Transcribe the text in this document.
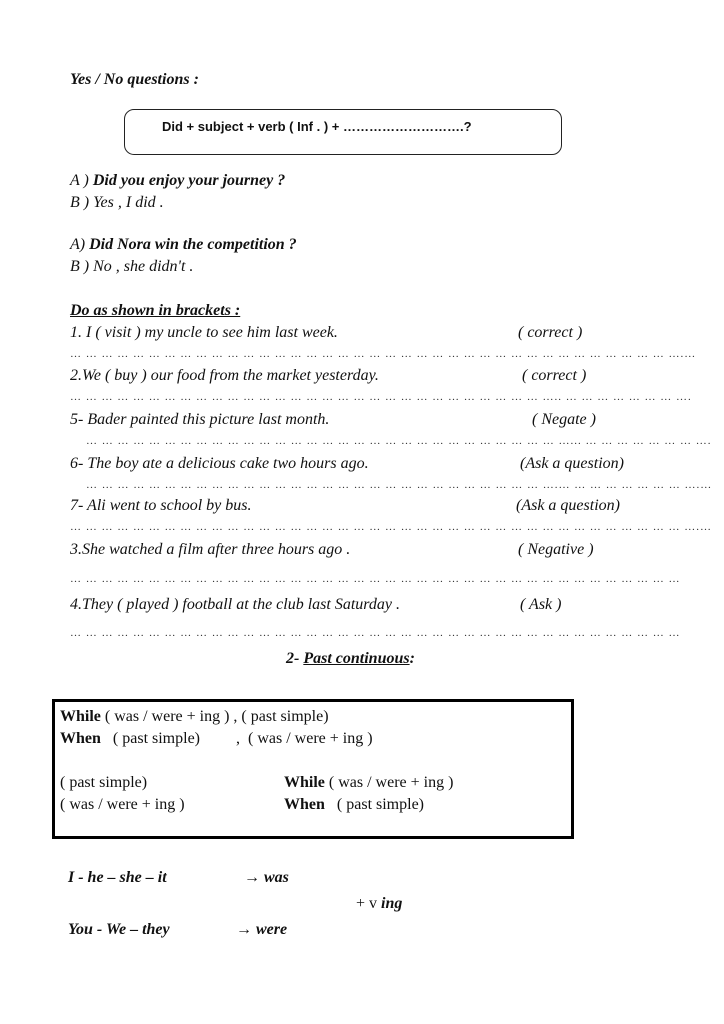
Yes / No questions :
Did + subject + verb ( Inf . ) + ……………………….?
A ) Did you enjoy your journey ?
B ) Yes , I did .
A) Did Nora win the competition ?
B ) No , she didn't .
Do as shown in brackets :
1. I ( visit ) my uncle to see him last week.	( correct )
… … … … … … … … … … … … … … … … … … … … … … … … … … … … … … … … … … … … … … ….…
2.We ( buy ) our food from the market yesterday.	( correct )
… … … … … … … … … … … … … … … … … … … … … … … … … … … … … … ….. … … … … … … … ….
5- Bader painted this picture last month.	( Negate )
… … … … … … … … … … … … … … … … … … … … … … … … … … … … … … …... … … … … … … … ….
6- The boy ate a delicious cake two hours ago.	(Ask a question)
… … … … … … … … … … … … … … … … … … … … … … … … … … … … … ….… … … … … … … … ….…
7- Ali went to school by bus.	(Ask a question)
… … … … … … … … … … … … … … … … … … … … … … … … … … … … … … … … … … … … … … … ….…
3.She watched a film after three hours ago .	( Negative )
… … … … … … … … … … … … … … … … … … … … … … … … … … … … … … … … … … … … … … …
4.They ( played ) football at the club last Saturday .	( Ask )
… … … … … … … … … … … … … … … … … … … … … … … … … … … … … … … … … … … … … … …
2- Past continuous:
While ( was / were + ing ) , ( past simple)
When   ( past simple)         ,  ( was / were + ing )
( past simple)	While ( was / were + ing )
( was / were + ing )	When   ( past simple)
I - he – she – it	→ was
+ v ing
You - We – they	→ were
